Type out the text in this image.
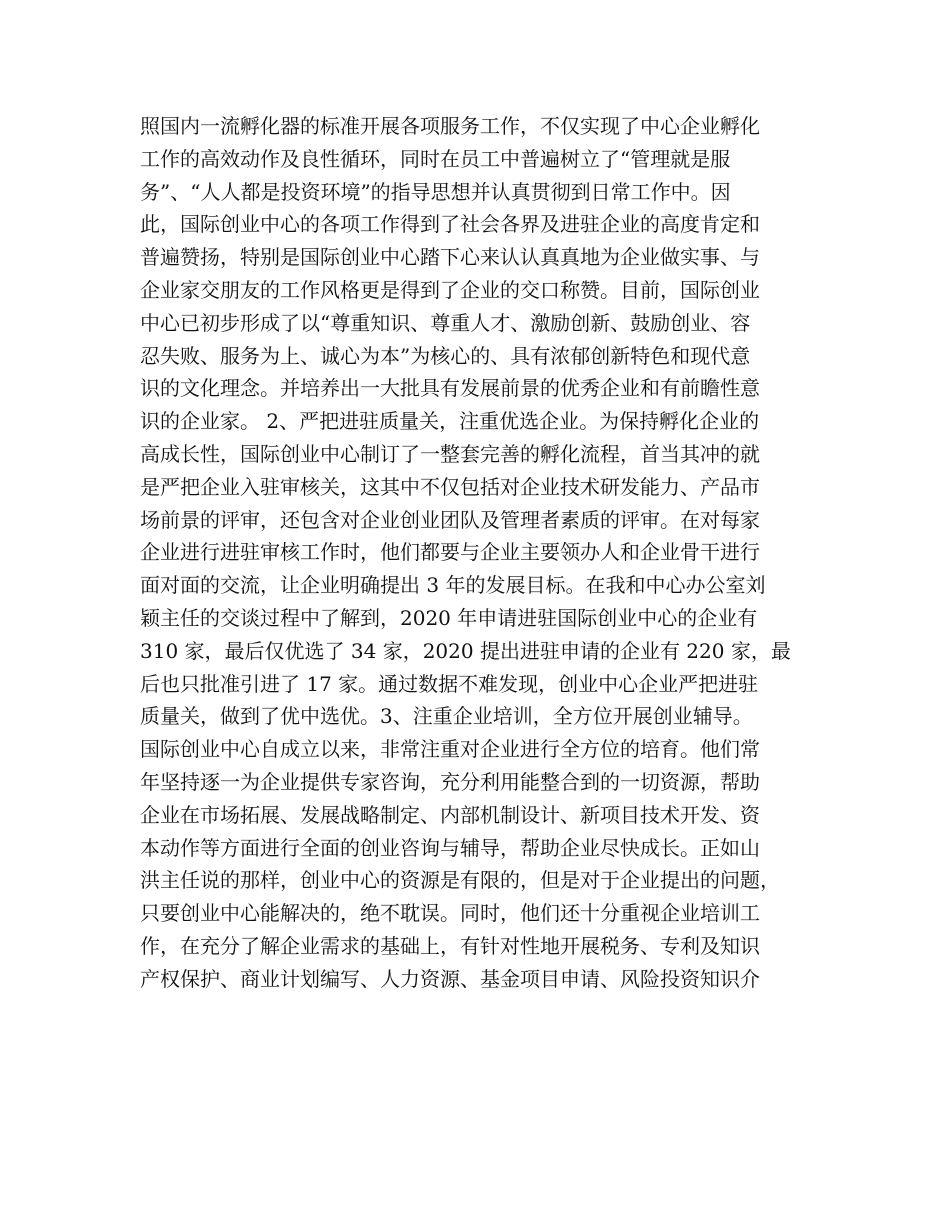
照国内一流孵化器的标准开展各项服务工作，不仅实现了中心企业孵化
工作的高效动作及良性循环，同时在员工中普遍树立了“管理就是服
务”、“人人都是投资环境”的指导思想并认真贯彻到日常工作中。因
此，国际创业中心的各项工作得到了社会各界及进驻企业的高度肯定和
普遍赞扬，特别是国际创业中心踏下心来认认真真地为企业做实事、与
企业家交朋友的工作风格更是得到了企业的交口称赞。目前，国际创业
中心已初步形成了以“尊重知识、尊重人才、激励创新、鼓励创业、容
忍失败、服务为上、诚心为本”为核心的、具有浓郁创新特色和现代意
识的文化理念。并培养出一大批具有发展前景的优秀企业和有前瞻性意
识的企业家。 2、严把进驻质量关，注重优选企业。为保持孵化企业的
高成长性，国际创业中心制订了一整套完善的孵化流程，首当其冲的就
是严把企业入驻审核关，这其中不仅包括对企业技术研发能力、产品市
场前景的评审，还包含对企业创业团队及管理者素质的评审。在对每家
企业进行进驻审核工作时，他们都要与企业主要领办人和企业骨干进行
面对面的交流，让企业明确提出 3 年的发展目标。在我和中心办公室刘
颖主任的交谈过程中了解到，2020 年申请进驻国际创业中心的企业有
310 家，最后仅优选了 34 家，2020 提出进驻申请的企业有 220 家，最
后也只批准引进了 17 家。通过数据不难发现，创业中心企业严把进驻
质量关，做到了优中选优。3、注重企业培训，全方位开展创业辅导。
国际创业中心自成立以来，非常注重对企业进行全方位的培育。他们常
年坚持逐一为企业提供专家咨询，充分利用能整合到的一切资源，帮助
企业在市场拓展、发展战略制定、内部机制设计、新项目技术开发、资
本动作等方面进行全面的创业咨询与辅导，帮助企业尽快成长。正如山
洪主任说的那样，创业中心的资源是有限的，但是对于企业提出的问题，
只要创业中心能解决的，绝不耽误。同时，他们还十分重视企业培训工
作，在充分了解企业需求的基础上，有针对性地开展税务、专利及知识
产权保护、商业计划编写、人力资源、基金项目申请、风险投资知识介
